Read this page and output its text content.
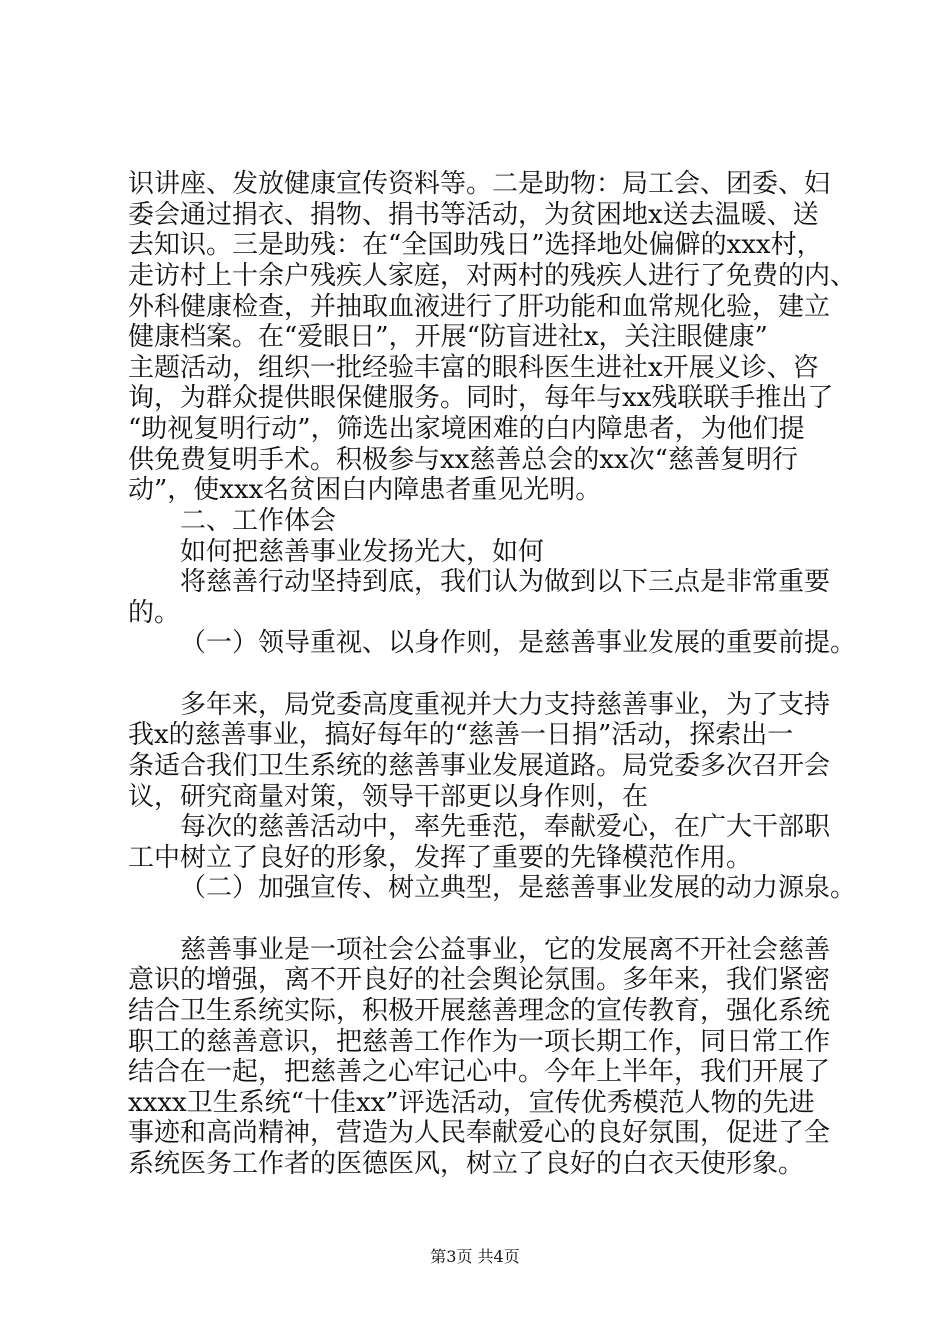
识讲座、发放健康宣传资料等。二是助物：局工会、团委、妇
委会通过捐衣、捐物、捐书等活动，为贫困地x送去温暖、送
去知识。三是助残：在“全国助残日”选择地处偏僻的xxx村，
走访村上十余户残疾人家庭，对两村的残疾人进行了免费的内、
外科健康检查，并抽取血液进行了肝功能和血常规化验，建立
健康档案。在“爱眼日”，开展“防盲进社x，关注眼健康”
主题活动，组织一批经验丰富的眼科医生进社x开展义诊、咨
询，为群众提供眼保健服务。同时，每年与xx残联联手推出了
“助视复明行动”，筛选出家境困难的白内障患者，为他们提
供免费复明手术。积极参与xx慈善总会的xx次“慈善复明行
动”，使xxx名贫困白内障患者重见光明。
二、工作体会
如何把慈善事业发扬光大，如何
将慈善行动坚持到底，我们认为做到以下三点是非常重要
的。
（一）领导重视、以身作则，是慈善事业发展的重要前提。
多年来，局党委高度重视并大力支持慈善事业，为了支持
我x的慈善事业，搞好每年的“慈善一日捐”活动，探索出一
条适合我们卫生系统的慈善事业发展道路。局党委多次召开会
议，研究商量对策，领导干部更以身作则，在
每次的慈善活动中，率先垂范，奉献爱心，在广大干部职
工中树立了良好的形象，发挥了重要的先锋模范作用。
（二）加强宣传、树立典型，是慈善事业发展的动力源泉。
慈善事业是一项社会公益事业，它的发展离不开社会慈善
意识的增强，离不开良好的社会舆论氛围。多年来，我们紧密
结合卫生系统实际，积极开展慈善理念的宣传教育，强化系统
职工的慈善意识，把慈善工作作为一项长期工作，同日常工作
结合在一起，把慈善之心牢记心中。今年上半年，我们开展了
xxxx卫生系统“十佳xx”评选活动，宣传优秀模范人物的先进
事迹和高尚精神，营造为人民奉献爱心的良好氛围，促进了全
系统医务工作者的医德医风，树立了良好的白衣天使形象。
第3页 共4页
